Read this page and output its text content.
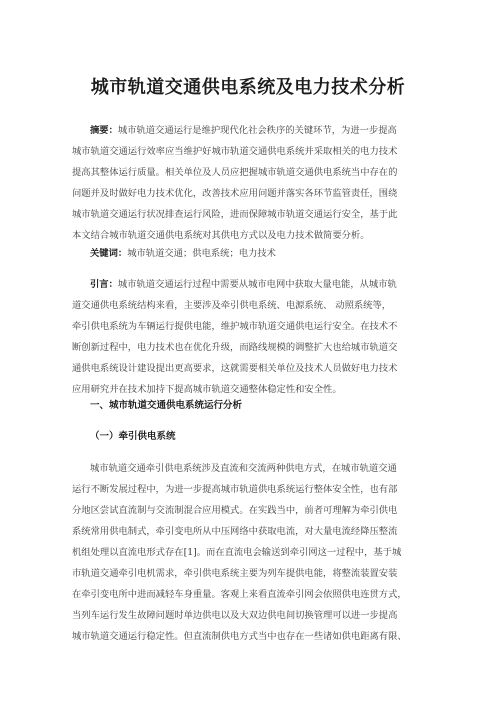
城市轨道交通供电系统及电力技术分析
摘要：城市轨道交通运行是维护现代化社会秩序的关键环节，为进一步提高
城市轨道交通运行效率应当维护好城市轨道交通供电系统并采取相关的电力技术
提高其整体运行质量。相关单位及人员应把握城市轨道交通供电系统当中存在的
问题并及时做好电力技术优化，改善技术应用问题并落实各环节监管责任，围绕
城市轨道交通运行状况排查运行风险，进而保障城市轨道交通运行安全，基于此
本文结合城市轨道交通供电系统对其供电方式以及电力技术做简要分析。
关键词：城市轨道交通；供电系统；电力技术
引言：城市轨道交通运行过程中需要从城市电网中获取大量电能，从城市轨
道交通供电系统结构来看，主要涉及牵引供电系统、电源系统、 动照系统等，
牵引供电系统为车辆运行提供电能，维护城市轨道交通供电运行安全。在技术不
断创新过程中，电力技术也在优化升级，而路线规模的调整扩大也给城市轨道交
通供电系统设计建设提出更高要求，这就需要相关单位及技术人员做好电力技术
应用研究并在技术加持下提高城市轨道交通整体稳定性和安全性。
一、城市轨道交通供电系统运行分析
（一）牵引供电系统
城市轨道交通牵引供电系统涉及直流和交流两种供电方式，在城市轨道交通
运行不断发展过程中，为进一步提高城市轨道供电系统运行整体安全性，也有部
分地区尝试直流制与交流制混合应用模式。在实践当中，前者可理解为牵引供电
系统常用供电制式，牵引变电所从中压网络中获取电流，对大量电流经降压整流
机组处理以直流电形式存在[1]。而在直流电会输送到牵引网这一过程中，基于城
市轨道交通牵引电机需求，牵引供电系统主要为列车提供电能，将整流装置安装
在牵引变电所中进而减轻车身重量。客观上来看直流牵引网会依照供电连贯方式，
当列车运行发生故障问题时单边供电以及大双边供电间切换管理可以进一步提高
城市轨道交通运行稳定性。但直流制供电方式当中也存在一些诸如供电距离有限、
